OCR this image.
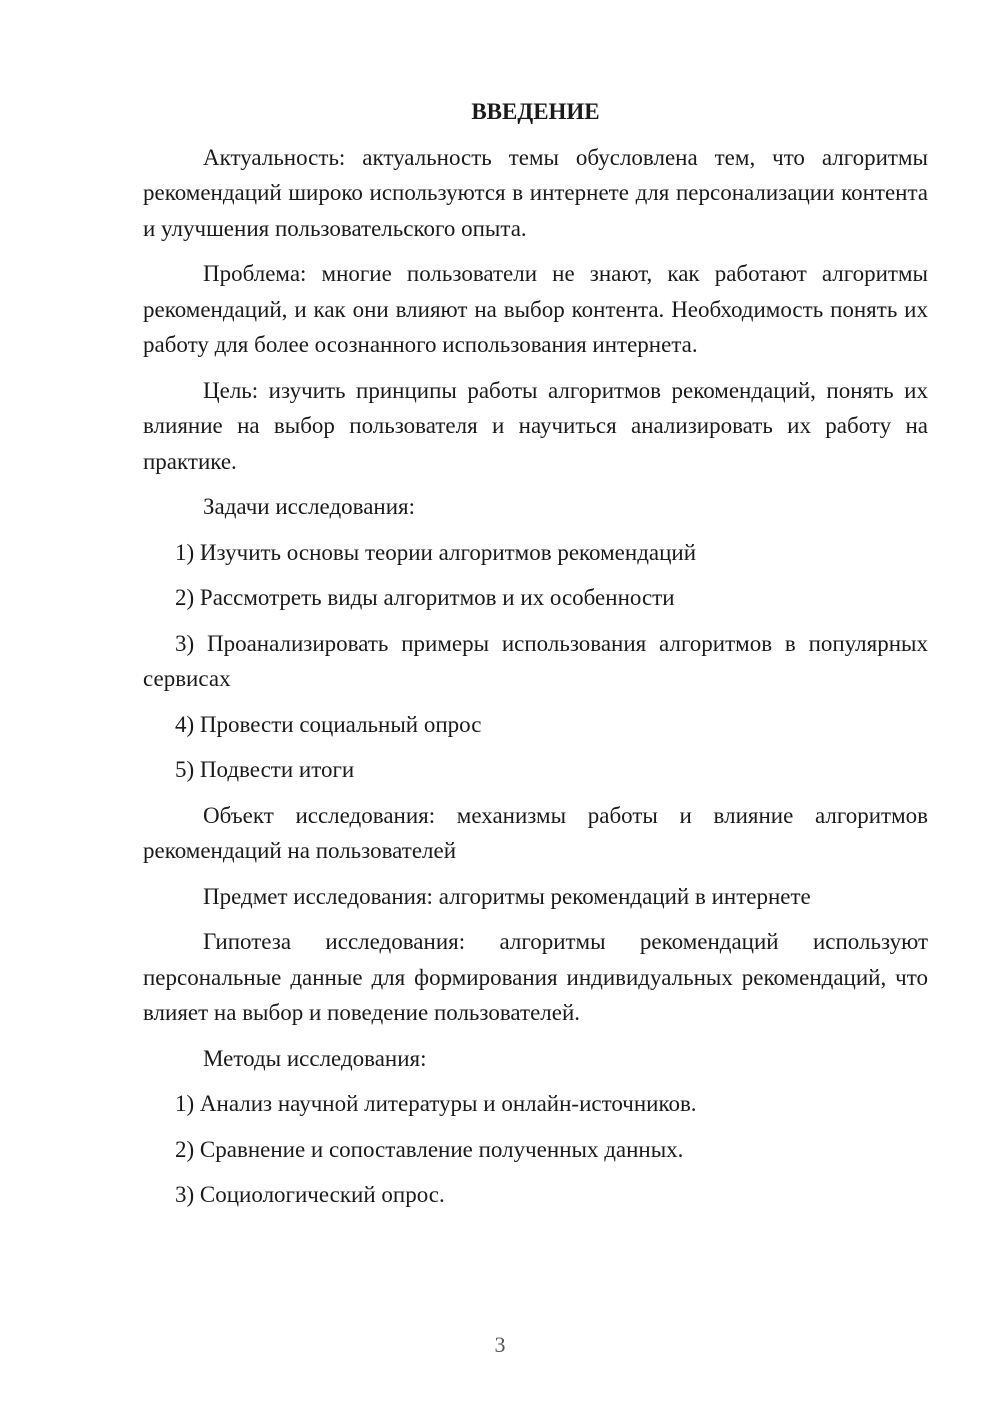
ВВЕДЕНИЕ

Актуальность: актуальность темы обусловлена тем, что алгоритмы рекомендаций широко используются в интернете для персонализации контента и улучшения пользовательского опыта.

Проблема: многие пользователи не знают, как работают алгоритмы рекомендаций, и как они влияют на выбор контента. Необходимость понять их работу для более осознанного использования интернета.

Цель: изучить принципы работы алгоритмов рекомендаций, понять их влияние на выбор пользователя и научиться анализировать их работу на практике.

Задачи исследования:

1) Изучить основы теории алгоритмов рекомендаций

2) Рассмотреть виды алгоритмов и их особенности

3) Проанализировать примеры использования алгоритмов в популярных сервисах

4) Провести социальный опрос

5) Подвести итоги

Объект исследования: механизмы работы и влияние алгоритмов рекомендаций на пользователей

Предмет исследования: алгоритмы рекомендаций в интернете

Гипотеза исследования: алгоритмы рекомендаций используют персональные данные для формирования индивидуальных рекомендаций, что влияет на выбор и поведение пользователей.

Методы исследования:

1) Анализ научной литературы и онлайн-источников.

2) Сравнение и сопоставление полученных данных.

3) Социологический опрос.

3
